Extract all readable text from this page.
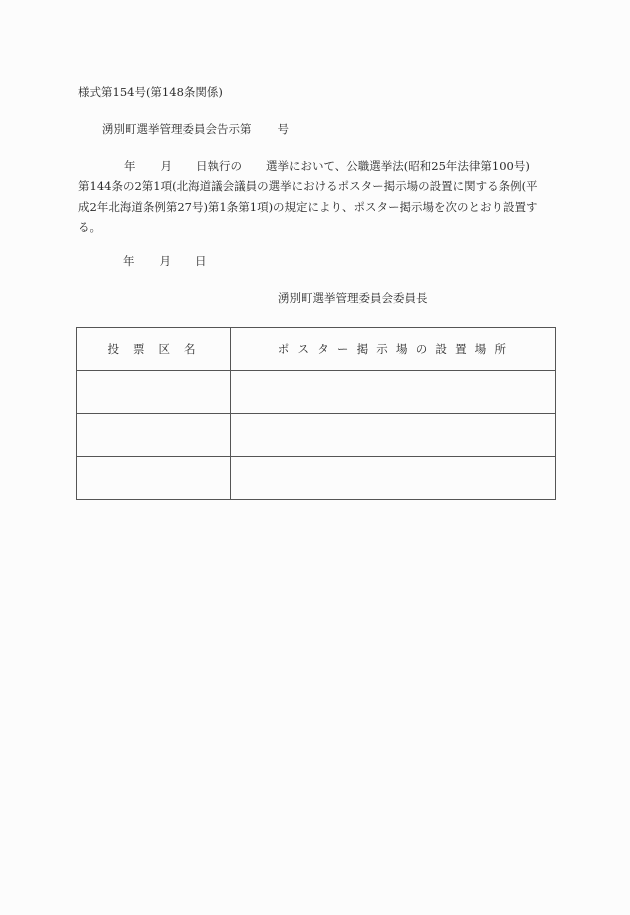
様式第154号(第148条関係)
湧別町選挙管理委員会告示第 号
年 月 日執行の 選挙において、公職選挙法(昭和25年法律第100号)
第144条の2第1項(北海道議会議員の選挙におけるポスター掲示場の設置に関する条例(平
成2年北海道条例第27号)第1条第1項)の規定により、ポスター掲示場を次のとおり設置す
る。
年 月 日
湧別町選挙管理委員会委員長
投票区名	ポスター掲示場の設置場所
